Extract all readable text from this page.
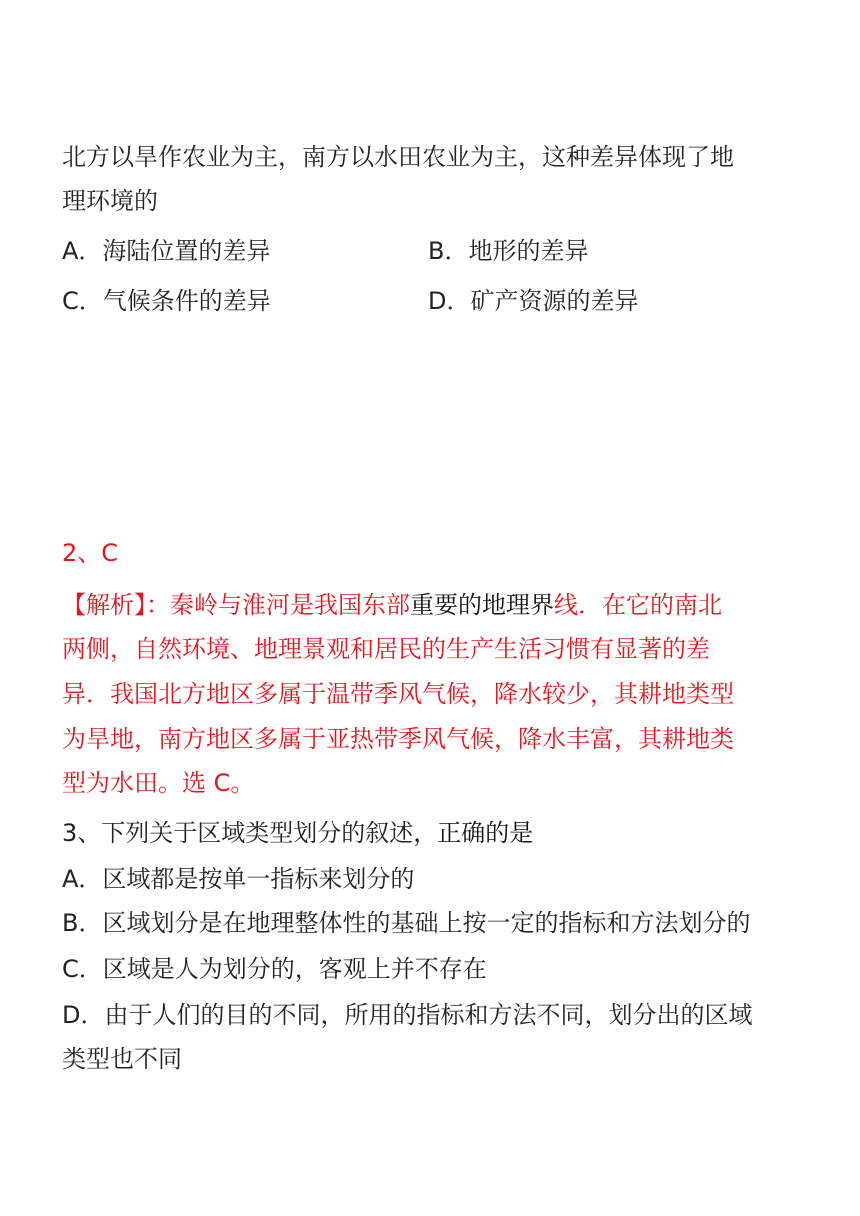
北方以旱作农业为主，南方以水田农业为主，这种差异体现了地
理环境的
A．海陆位置的差异	B．地形的差异
C．气候条件的差异	D．矿产资源的差异
2、C
【解析】：秦岭与淮河是我国东部重要的地理界线．在它的南北
两侧，自然环境、地理景观和居民的生产生活习惯有显著的差
异．我国北方地区多属于温带季风气候，降水较少，其耕地类型
为旱地，南方地区多属于亚热带季风气候，降水丰富，其耕地类
型为水田。选 C。
3、下列关于区域类型划分的叙述，正确的是
A．区域都是按单一指标来划分的
B．区域划分是在地理整体性的基础上按一定的指标和方法划分的
C．区域是人为划分的，客观上并不存在
D．由于人们的目的不同，所用的指标和方法不同，划分出的区域
类型也不同
